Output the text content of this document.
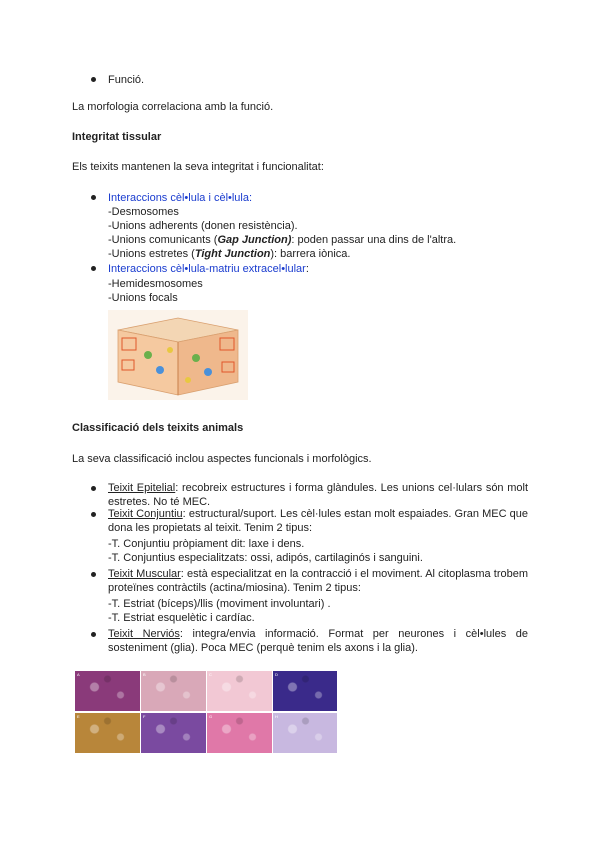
Funció.
La morfologia correlaciona amb la funció.
Integritat tissular
Els teixits mantenen la seva integritat i funcionalitat:
Interaccions cèl•lula i cèl•lula:
-Desmosomes
-Unions adherents (donen resistència).
-Unions comunicants (Gap Junction): poden passar una dins de l'altra.
-Unions estretes (Tight Junction): barrera iònica.
Interaccions cèl•lula-matriu extracel•lular:
-Hemidesmosomes
-Unions focals
Classificació dels teixits animals
La seva classificació inclou aspectes funcionals i morfològics.
Teixit Epitelial: recobreix estructures i forma glàndules. Les unions cel·lulars són molt estretes. No té MEC.
Teixit Conjuntiu: estructural/suport. Les cèl·lules estan molt espaiades. Gran MEC que dona les propietats al teixit. Tenim 2 tipus:
-T. Conjuntiu pròpiament dit: laxe i dens.
-T. Conjuntius especialitzats: ossi, adipós, cartilaginós i sanguini.
Teixit Muscular: està especialitzat en la contracció i el moviment. Al citoplasma trobem proteïnes contràctils (actina/miosina). Tenim 2 tipus:
-T. Estriat (bíceps)/llis (moviment involuntari) .
-T. Estriat esquelètic i cardíac.
Teixit Nerviós: integra/envia informació. Format per neurones i cèl•lules de sosteniment (glia). Poca MEC (perquè tenim els axons i la glia).
A	B	C	D
E	F	G	H
